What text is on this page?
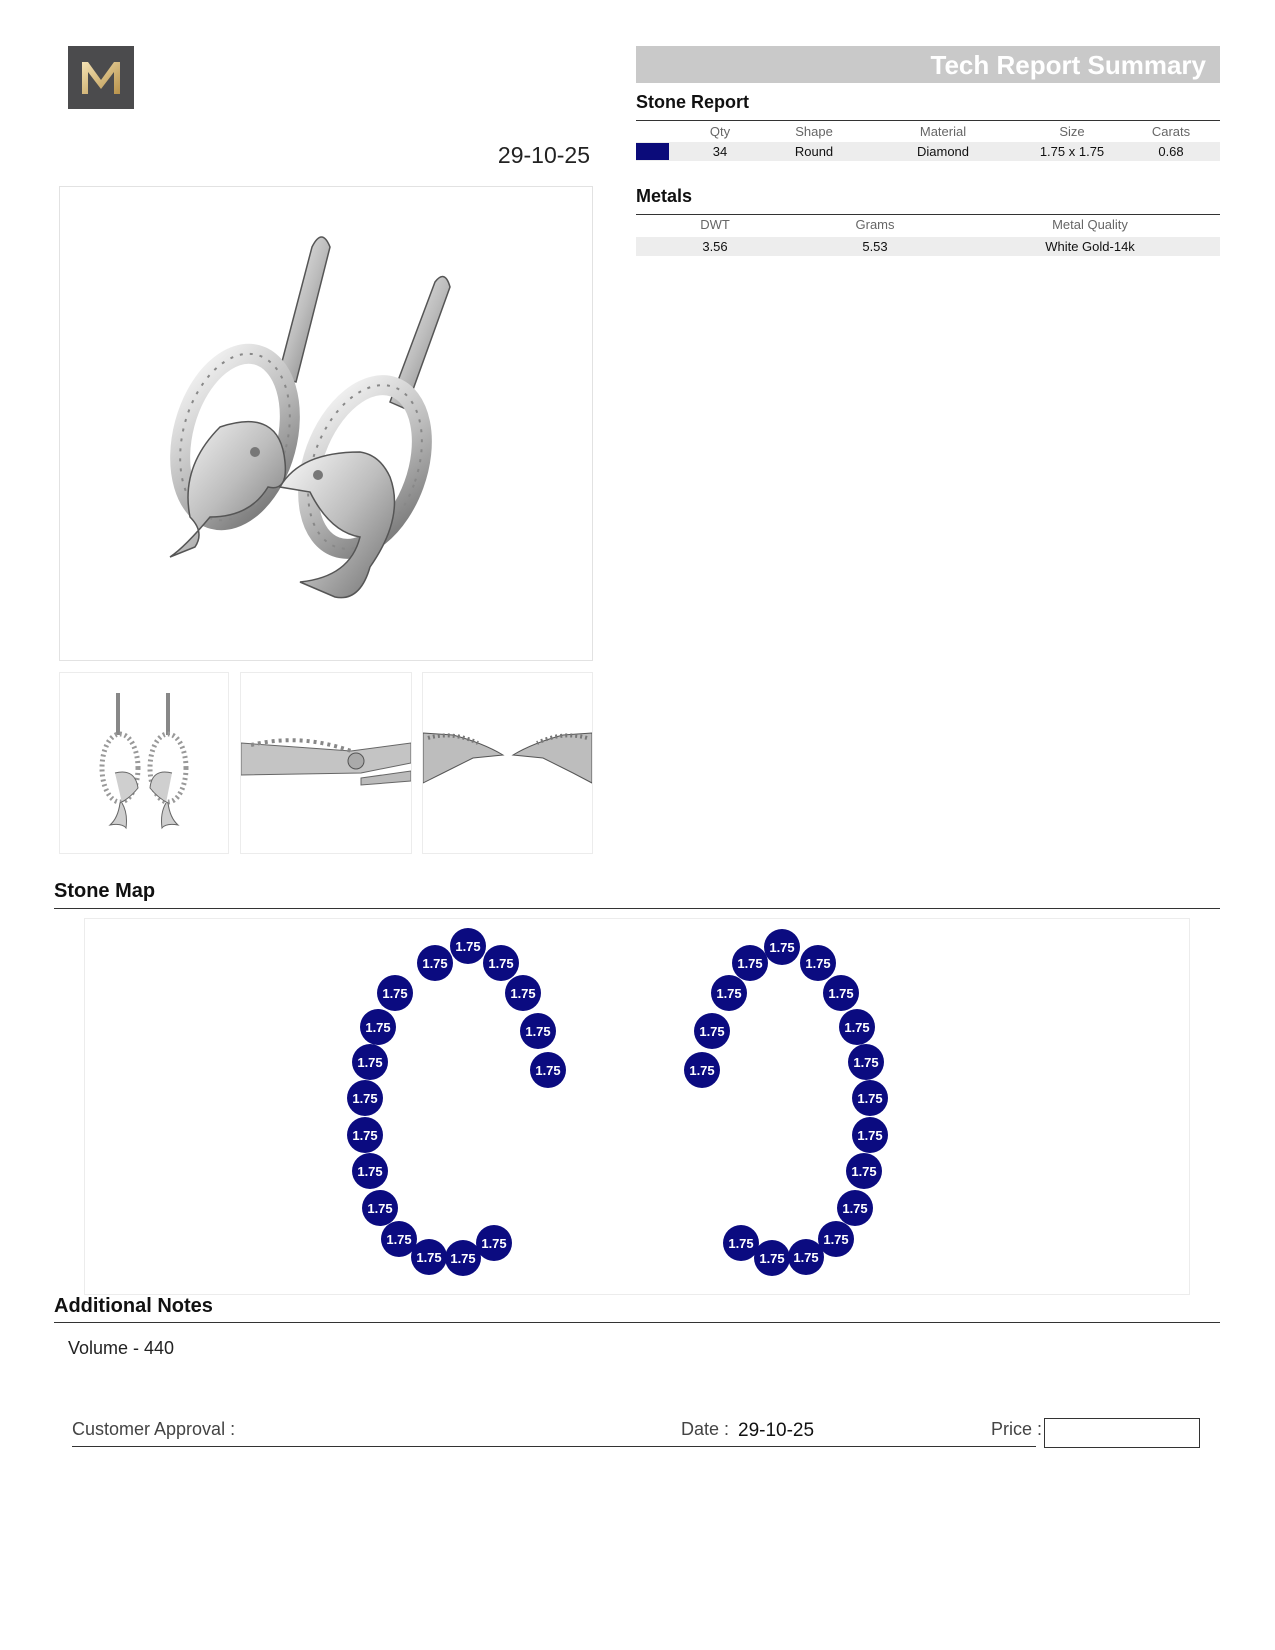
29-10-25
Tech Report Summary
Stone Report
Qty	Shape	Material	Size	Carats
34	Round	Diamond	1.75 x 1.75	0.68
Metals
DWT	Grams	Metal Quality
3.56	5.53	White Gold-14k
Stone Map
1.75
1.75	1.75
1.75	1.75
1.75	1.75
1.75
1.75
1.75
1.75
1.75
1.75
1.75
1.75 1.75
1.75
1.75
1.75	1.75
1.75	1.75
1.75	1.75
1.75
1.75
1.75
1.75
1.75
1.75
1.75
1.75
1.75
1.75
Additional Notes
Volume - 440
Customer Approval :	Date : 29-10-25	Price :
